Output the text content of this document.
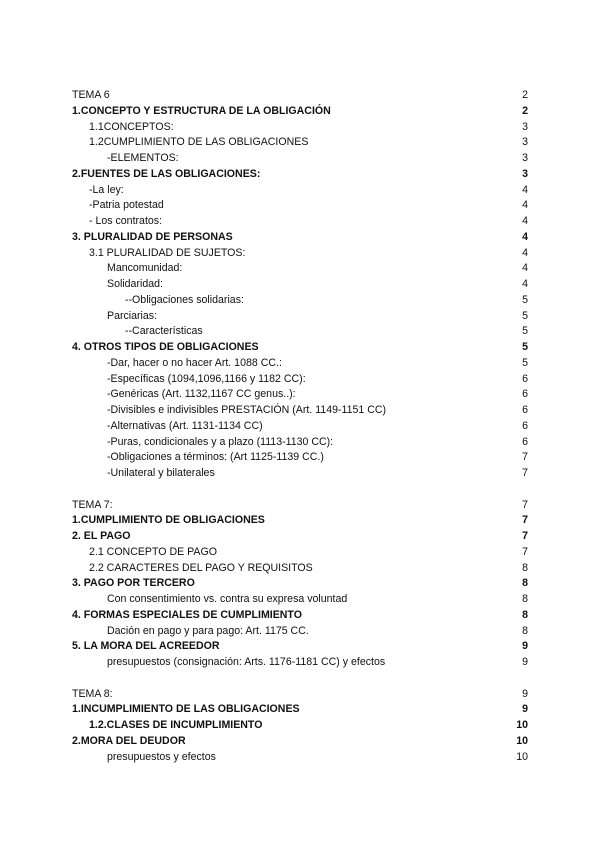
TEMA 6	2
1.CONCEPTO Y ESTRUCTURA DE LA OBLIGACIÓN	2
1.1CONCEPTOS:	3
1.2CUMPLIMIENTO DE LAS OBLIGACIONES	3
-ELEMENTOS:	3
2.FUENTES DE LAS OBLIGACIONES:	3
-La ley:	4
-Patria potestad	4
- Los contratos:	4
3. PLURALIDAD DE PERSONAS	4
3.1 PLURALIDAD DE SUJETOS:	4
Mancomunidad:	4
Solidaridad:	4
--Obligaciones solidarias:	5
Parciarias:	5
--Características	5
4. OTROS TIPOS DE OBLIGACIONES	5
-Dar, hacer o no hacer Art. 1088 CC.:	5
-Específicas (1094,1096,1166 y 1182 CC):	6
-Genéricas (Art. 1132,1167 CC genus..):	6
-Divisibles e indivisibles PRESTACIÓN (Art. 1149-1151 CC)	6
-Alternativas (Art. 1131-1134 CC)	6
-Puras, condicionales y a plazo (1113-1130 CC):	6
-Obligaciones a términos: (Art 1125-1139 CC.)	7
-Unilateral y bilaterales	7
TEMA 7:	7
1.CUMPLIMIENTO DE OBLIGACIONES	7
2. EL PAGO	7
2.1 CONCEPTO DE PAGO	7
2.2 CARACTERES DEL PAGO Y REQUISITOS	8
3. PAGO POR TERCERO	8
Con consentimiento vs. contra su expresa voluntad	8
4. FORMAS ESPECIALES DE CUMPLIMIENTO	8
Dación en pago y para pago: Art. 1175 CC.	8
5. LA MORA DEL ACREEDOR	9
presupuestos (consignación: Arts. 1176-1181 CC) y efectos	9
TEMA 8:	9
1.INCUMPLIMIENTO DE LAS OBLIGACIONES	9
1.2.CLASES DE INCUMPLIMIENTO	10
2.MORA DEL DEUDOR	10
presupuestos y efectos	10
